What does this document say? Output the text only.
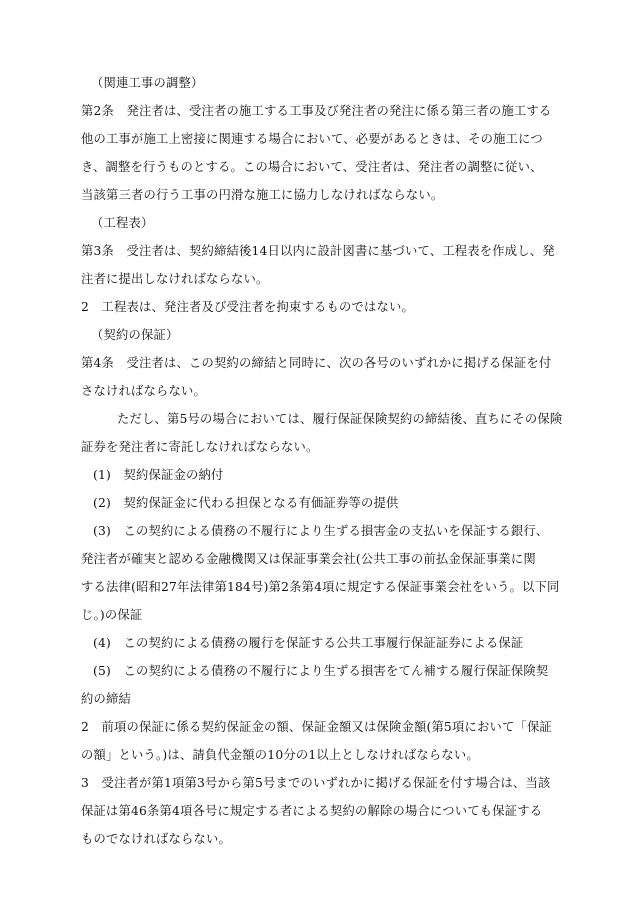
（関連工事の調整）
第2条　発注者は、受注者の施工する工事及び発注者の発注に係る第三者の施工する
他の工事が施工上密接に関連する場合において、必要があるときは、その施工につ
き、調整を行うものとする。この場合において、受注者は、発注者の調整に従い、
当該第三者の行う工事の円滑な施工に協力しなければならない。
（工程表）
第3条　受注者は、契約締結後14日以内に設計図書に基づいて、工程表を作成し、発
注者に提出しなければならない。
2　工程表は、発注者及び受注者を拘束するものではない。
（契約の保証）
第4条　受注者は、この契約の締結と同時に、次の各号のいずれかに掲げる保証を付
さなければならない。
ただし、第5号の場合においては、履行保証保険契約の締結後、直ちにその保険
証券を発注者に寄託しなければならない。
(1)　契約保証金の納付
(2)　契約保証金に代わる担保となる有価証券等の提供
(3)　この契約による債務の不履行により生ずる損害金の支払いを保証する銀行、
発注者が確実と認める金融機関又は保証事業会社(公共工事の前払金保証事業に関
する法律(昭和27年法律第184号)第2条第4項に規定する保証事業会社をいう。以下同
じ。)の保証
(4)　この契約による債務の履行を保証する公共工事履行保証証券による保証
(5)　この契約による債務の不履行により生ずる損害をてん補する履行保証保険契
約の締結
2　前項の保証に係る契約保証金の額、保証金額又は保険金額(第5項において「保証
の額」という。)は、請負代金額の10分の1以上としなければならない。
3　受注者が第1項第3号から第5号までのいずれかに掲げる保証を付す場合は、当該
保証は第46条第4項各号に規定する者による契約の解除の場合についても保証する
ものでなければならない。
